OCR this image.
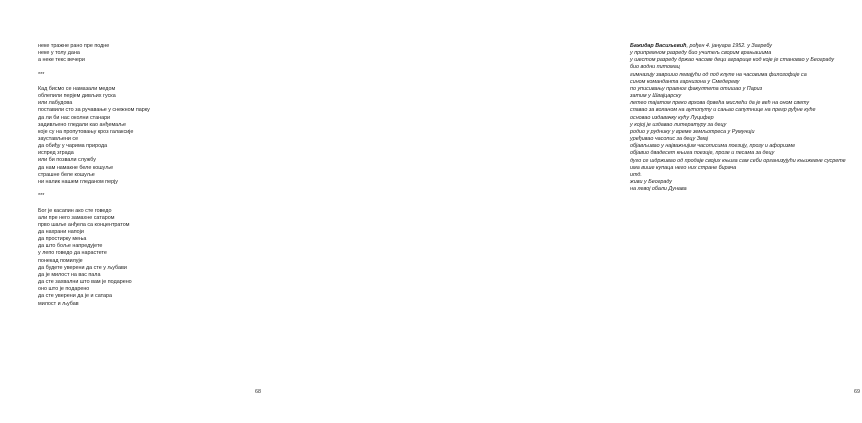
неке тражне рано пре подне
неке у толу дана
а неке текс вечери
***
Кад бисмо се намазали медом
облепили перјем дивљих гуска
или лабудова
поставили сто за ручавање у снежном парку
да ли би нас околни станари
задивљено гледали као анђемаље
које су на пропутовању кроз галаксије
заустављени се
да обиђу у чарима природа
испред зграда
или би позвали службу
да нам намакне беле кошуље
страшне беле кошуље
ни налик нашем гледаном перју
***
Бог је касапин ако сте говедо
али пре него замахне сатаром
прво шаље анђела са концентратом
да нахрани напоји
да простирку мења
да што боље напредујете
у лепо говедо да нарастете
понекад помилује
да будете уверени да сте у љубави
да је милост на вас пала
да сте захвални што вам је подарено
оно што је подарено
да сте уверени да је и сатара
милост и љубав
68
Бажидар Васиљевић, рођен 4. јануара 1952. у Загребу
у припремном разреду био учитељ сворим врањашима
у шестом разреду држао часове деци аграрице код које је становао у Београду
био водни питомац
гимназију завршио певајући од под клупе на часовима филозофије са
сином команданта гарнизона у Смедереву
по уписивању правног факултета отишао у Париз
затим у Швајцарску
летео тајатом преко врхова дрвећа мислећи да је већ на оном свету
спавао за воланом на аутопуту и сањао сапутнице на прегр руђне куће
основао издавачку кућу Луцифер
у којој је издавао литературу за децу
родио у руднику у време земљотреса у Румунији
уређивао часопис за децу Змај
објављивао у најважнијим часописима поезију, прозу и афоризме
објавио двадесет књига поезије, прозе и песама за децу
дуго се шдрживао од продаје својих књига сам себи организујући књижевне сусрете
има више купаца него них стране бирача
итд.
живи у Београду
на левој обали Дунава
69
